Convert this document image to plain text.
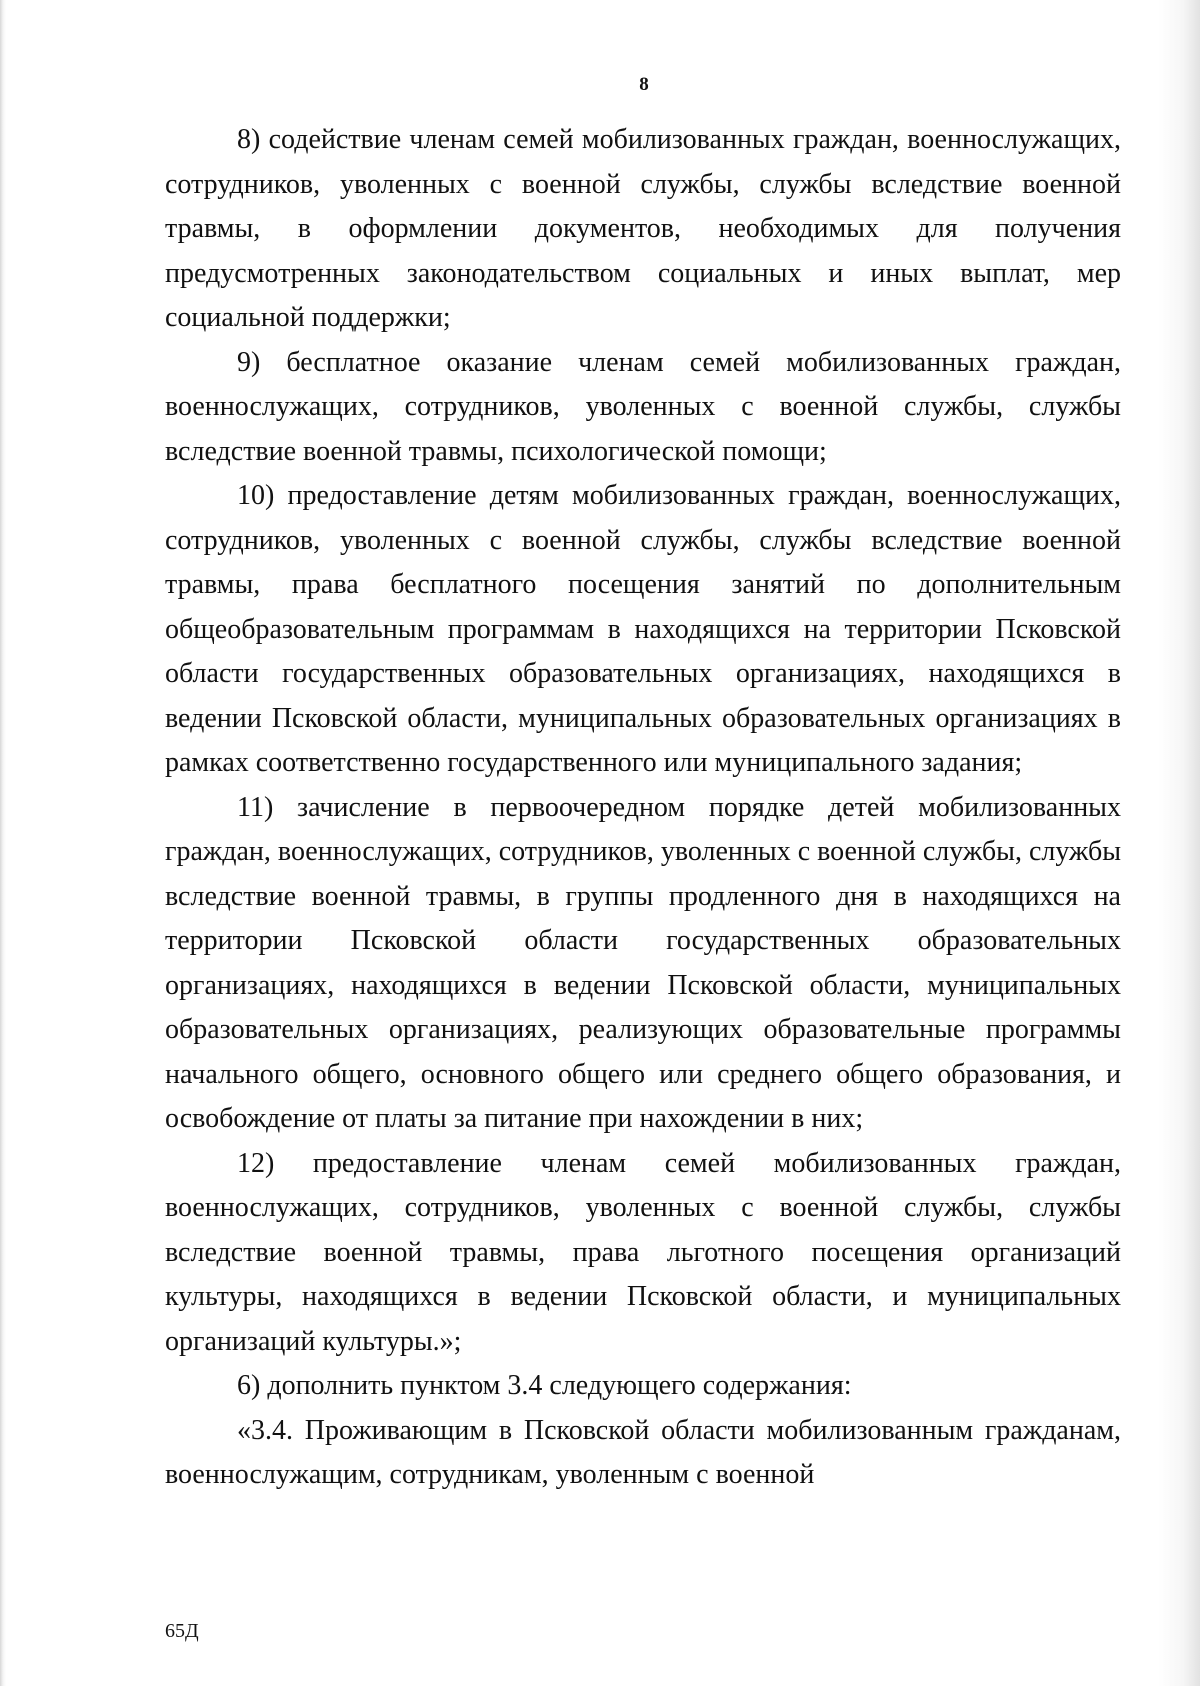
8

8) содействие членам семей мобилизованных граждан, военнослужащих, сотрудников, уволенных с военной службы, службы вследствие военной травмы, в оформлении документов, необходимых для получения предусмотренных законодательством социальных и иных выплат, мер социальной поддержки;

9) бесплатное оказание членам семей мобилизованных граждан, военнослужащих, сотрудников, уволенных с военной службы, службы вследствие военной травмы, психологической помощи;

10) предоставление детям мобилизованных граждан, военнослужащих, сотрудников, уволенных с военной службы, службы вследствие военной травмы, права бесплатного посещения занятий по дополнительным общеобразовательным программам в находящихся на территории Псковской области государственных образовательных организациях, находящихся в ведении Псковской области, муниципальных образовательных организациях в рамках соответственно государственного или муниципального задания;

11) зачисление в первоочередном порядке детей мобилизованных граждан, военнослужащих, сотрудников, уволенных с военной службы, службы вследствие военной травмы, в группы продленного дня в находящихся на территории Псковской области государственных образовательных организациях, находящихся в ведении Псковской области, муниципальных образовательных организациях, реализующих образовательные программы начального общего, основного общего или среднего общего образования, и освобождение от платы за питание при нахождении в них;

12) предоставление членам семей мобилизованных граждан, военнослужащих, сотрудников, уволенных с военной службы, службы вследствие военной травмы, права льготного посещения организаций культуры, находящихся в ведении Псковской области, и муниципальных организаций культуры.»;

6) дополнить пунктом 3.4 следующего содержания:

«3.4. Проживающим в Псковской области мобилизованным гражданам, военнослужащим, сотрудникам, уволенным с военной

65Д
